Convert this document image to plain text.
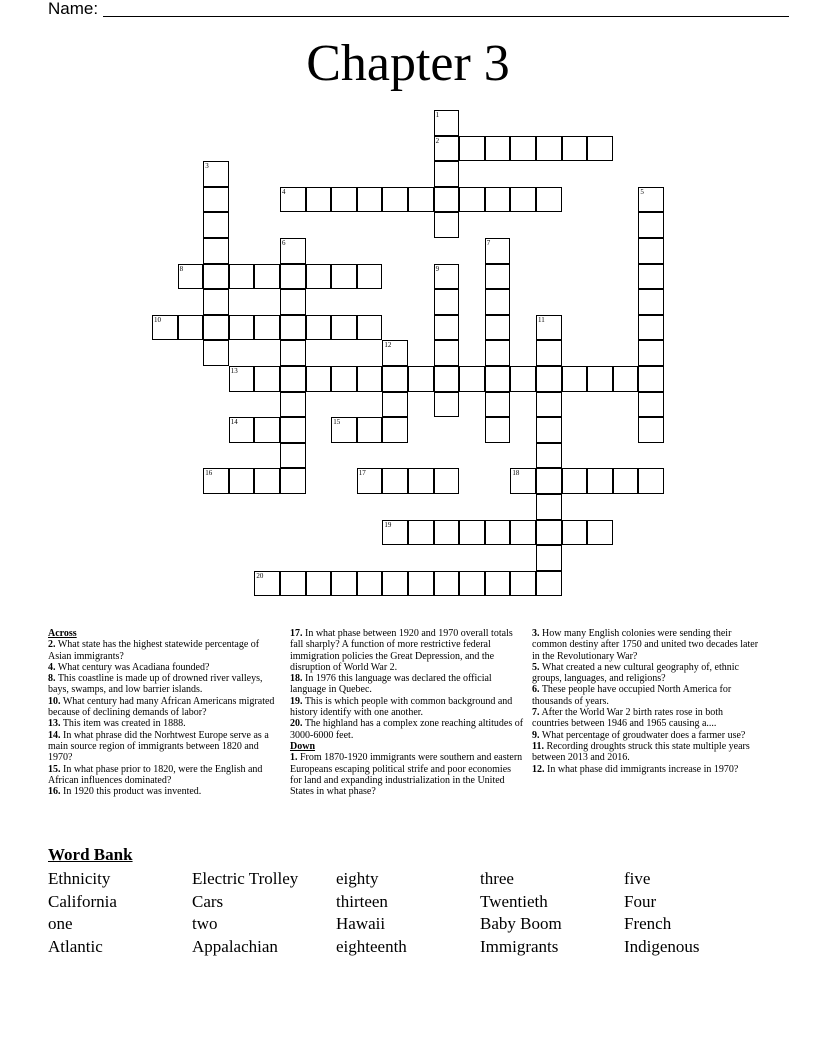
Name:
Chapter 3
1
2
3
4	5
6	7
8	9
10	11
12
13
14	15
16	17	18
19
20

Across

2. What state has the highest statewide percentage of Asian immigrants?

4. What century was Acadiana founded?

8. This coastline is made up of drowned river valleys, bays, swamps, and low barrier islands.

10. What century had many African Americans migrated because of declining demands of labor?

13. This item was created in 1888.

14. In what phrase did the Norhtwest Europe serve as a main source region of immigrants between 1820 and 1970?

15. In what phase prior to 1820, were the English and African influences dominated?

16. In 1920 this product was invented.

17. In what phase between 1920 and 1970 overall totals fall sharply? A function of more restrictive federal immigration policies the Great Depression, and the disruption of World War 2.

18. In 1976 this language was declared the official language in Quebec.

19. This is which people with common background and history identify with one another.

20. The highland has a complex zone reaching altitudes of 3000-6000 feet.

Down

1. From 1870-1920 immigrants were southern and eastern Europeans escaping political strife and poor economies for land and expanding industrialization in the United States in what phase?

3. How many English colonies were sending their common destiny after 1750 and united two decades later in the Revolutionary War?

5. What created a new cultural geography of, ethnic groups, languages, and religions?

6. These people have occupied North America for thousands of years.

7. After the World War 2 birth rates rose in both countries between 1946 and 1965 causing a....

9. What percentage of groudwater does a farmer use?

11. Recording droughts struck this state multiple years between 2013 and 2016.

12. In what phase did immigrants increase in 1970?

Word Bank
Ethnicity	Electric Trolley	eighty	three	five
California	Cars	thirteen	Twentieth	Four
one	two	Hawaii	Baby Boom	French
Atlantic	Appalachian	eighteenth	Immigrants	Indigenous
